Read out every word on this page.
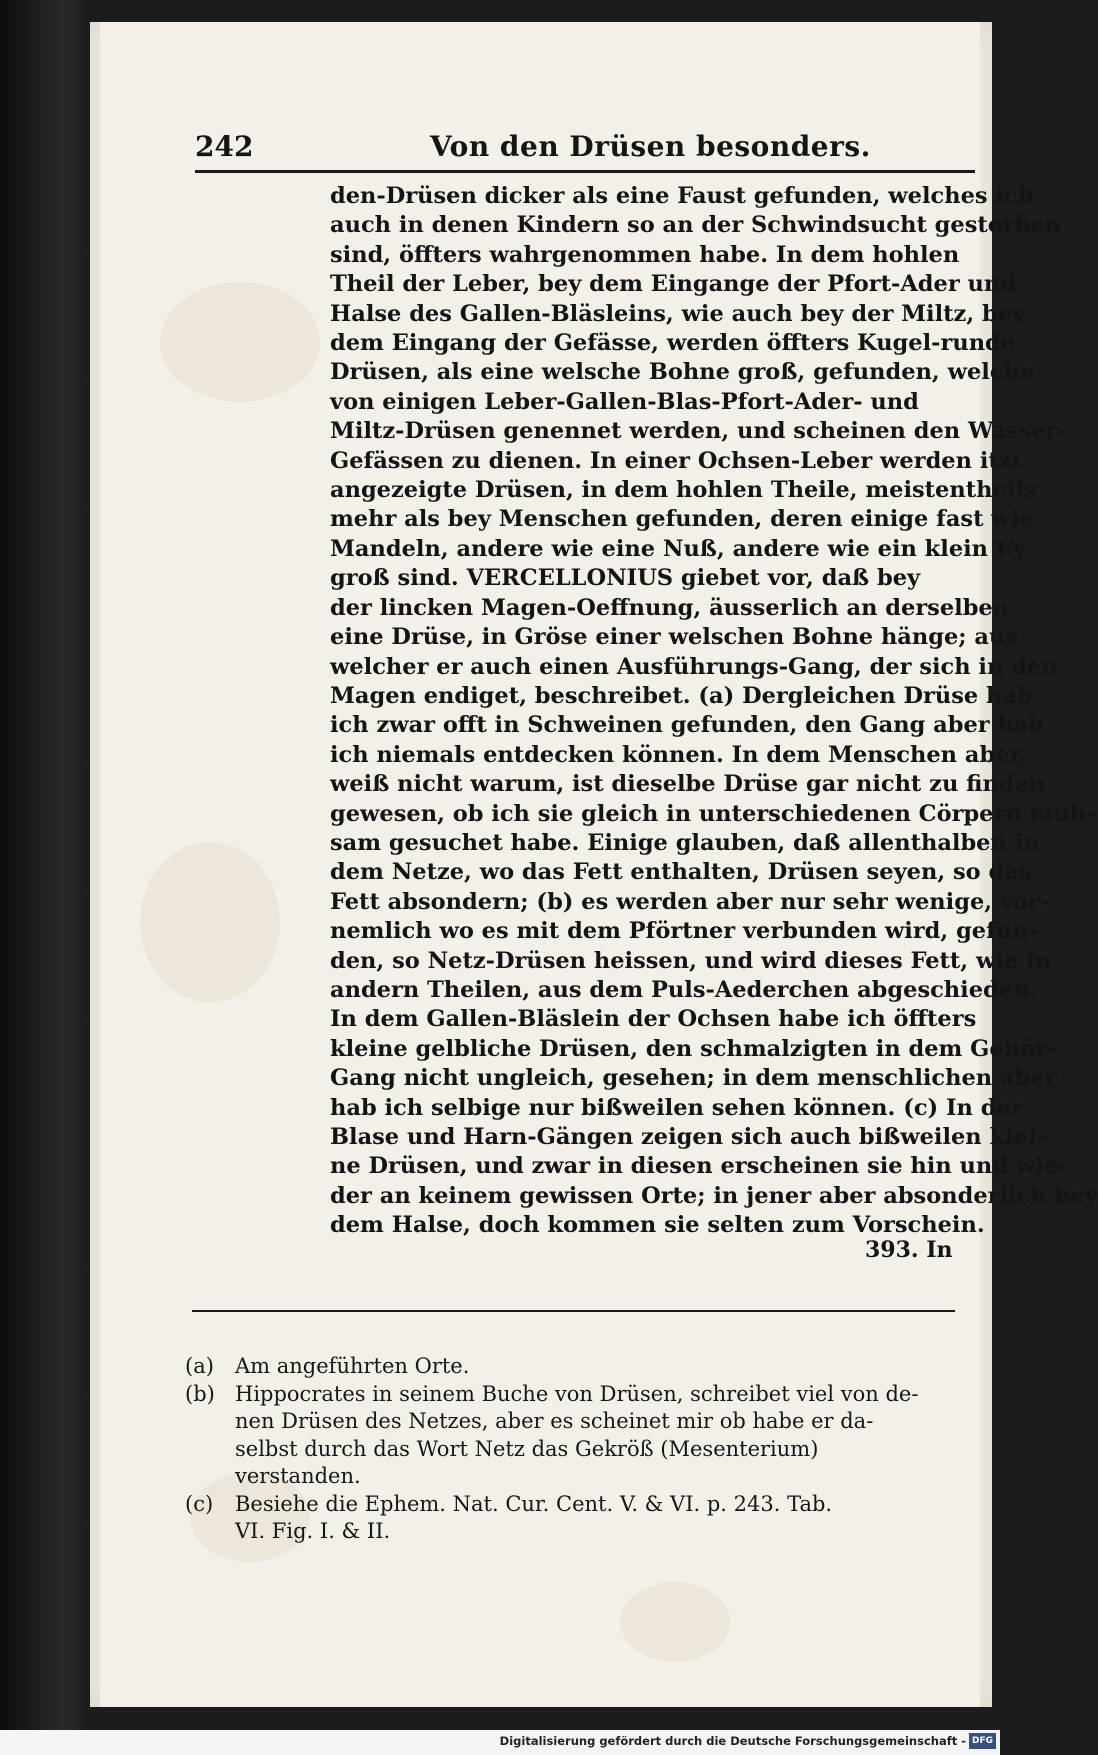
242	Von den Drüsen besonders.
den-Drüsen dicker als eine Faust gefunden, welches ich
auch in denen Kindern so an der Schwindsucht gestorben
sind, öffters wahrgenommen habe. In dem hohlen
Theil der Leber, bey dem Eingange der Pfort-Ader und
Halse des Gallen-Bläsleins, wie auch bey der Miltz, bey
dem Eingang der Gefässe, werden öffters Kugel-runde
Drüsen, als eine welsche Bohne groß, gefunden, welche
von einigen Leber-Gallen-Blas-Pfort-Ader- und
Miltz-Drüsen genennet werden, und scheinen den Wasser-
Gefässen zu dienen. In einer Ochsen-Leber werden itzt
angezeigte Drüsen, in dem hohlen Theile, meistentheils
mehr als bey Menschen gefunden, deren einige fast wie
Mandeln, andere wie eine Nuß, andere wie ein klein Ey
groß sind. VERCELLONIUS giebet vor, daß bey
der lincken Magen-Oeffnung, äusserlich an derselben
eine Drüse, in Gröse einer welschen Bohne hänge; aus
welcher er auch einen Ausführungs-Gang, der sich in den
Magen endiget, beschreibet. (a) Dergleichen Drüse hab
ich zwar offt in Schweinen gefunden, den Gang aber hab
ich niemals entdecken können. In dem Menschen aber,
weiß nicht warum, ist dieselbe Drüse gar nicht zu finden
gewesen, ob ich sie gleich in unterschiedenen Cörpern müh-
sam gesuchet habe. Einige glauben, daß allenthalben in
dem Netze, wo das Fett enthalten, Drüsen seyen, so das
Fett absondern; (b) es werden aber nur sehr wenige, vor-
nemlich wo es mit dem Pförtner verbunden wird, gefun-
den, so Netz-Drüsen heissen, und wird dieses Fett, wie in
andern Theilen, aus dem Puls-Aederchen abgeschieden.
In dem Gallen-Bläslein der Ochsen habe ich öffters
kleine gelbliche Drüsen, den schmalzigten in dem Gehör-
Gang nicht ungleich, gesehen; in dem menschlichen aber
hab ich selbige nur bißweilen sehen können. (c) In der
Blase und Harn-Gängen zeigen sich auch bißweilen klei-
ne Drüsen, und zwar in diesen erscheinen sie hin und wie-
der an keinem gewissen Orte; in jener aber absonderlich bey
dem Halse, doch kommen sie selten zum Vorschein.
393. In
(a) Am angeführten Orte.
(b) Hippocrates in seinem Buche von Drüsen, schreibet viel von de-
nen Drüsen des Netzes, aber es scheinet mir ob habe er da-
selbst durch das Wort Netz das Gekröß (Mesenterium)
verstanden.
(c) Besiehe die Ephem. Nat. Cur. Cent. V. & VI. p. 243. Tab.
VI. Fig. I. & II.
Digitalisierung gefördert durch die Deutsche Forschungsgemeinschaft - DFG
